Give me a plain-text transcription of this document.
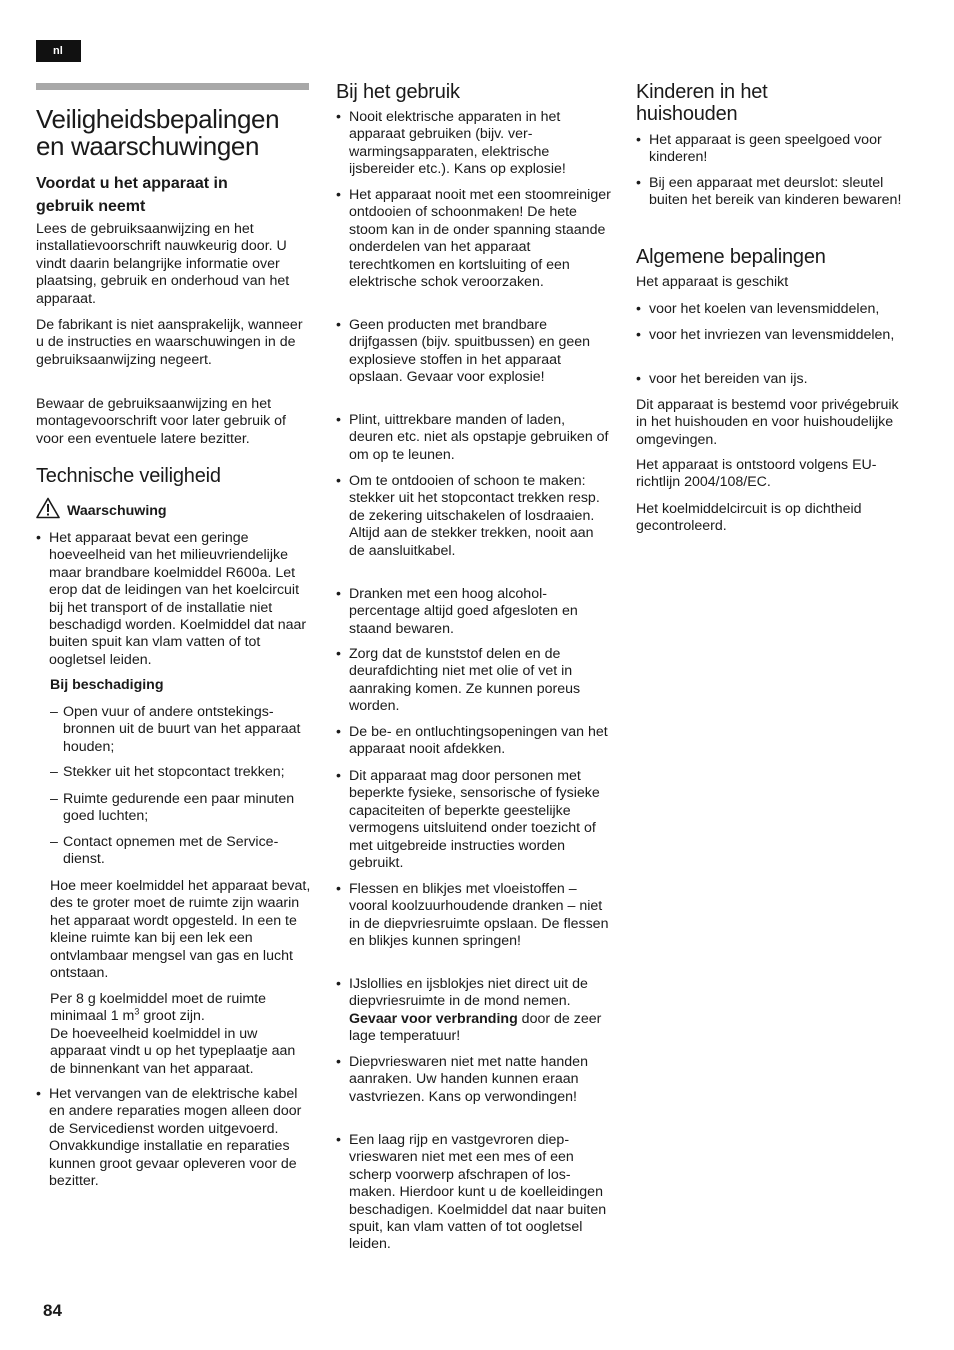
nl
Veiligheidsbepalingen
en waarschuwingen
Voordat u het apparaat in
gebruik neemt

Lees de gebruiksaanwijzing en het installatievoorschrift nauwkeurig door. U vindt daarin belangrijke informatie over plaatsing, gebruik en onderhoud van het apparaat.

De fabrikant is niet aansprakelijk, wanneer u de instructies en waarschuwingen in de gebruiksaanwijzing negeert.

Bewaar de gebruiksaanwijzing en het montagevoorschrift voor later gebruik of voor een eventuele latere bezitter.

Technische veiligheid
Waarschuwing

• Het apparaat bevat een geringe hoeveelheid van het milieuvriendelijke maar brandbare koelmiddel R600a. Let erop dat de leidingen van het koelcircuit bij het transport of de installatie niet beschadigd worden. Koelmiddel dat naar buiten spuit kan vlam vatten of tot oogletsel leiden.

Bij beschadiging

– Open vuur of andere ontstekingsbronnen uit de buurt van het apparaat houden;

– Stekker uit het stopcontact trekken;

– Ruimte gedurende een paar minuten goed luchten;

– Contact opnemen met de Servicedienst.

Hoe meer koelmiddel het apparaat bevat, des te groter moet de ruimte zijn waarin het apparaat wordt opgesteld. In een te kleine ruimte kan bij een lek een ontvlambaar mengsel van gas en lucht ontstaan.

Per 8 g koelmiddel moet de ruimte minimaal 1 $m^3$ groot zijn.
De hoeveelheid koelmiddel in uw apparaat vindt u op het typeplaatje aan de binnenkant van het apparaat.

• Het vervangen van de elektrische kabel en andere reparaties mogen alleen door de Servicedienst worden uitgevoerd. Onvakkundige installatie en reparaties kunnen groot gevaar opleveren voor de bezitter.

Bij het gebruik

• Nooit elektrische apparaten in het apparaat gebruiken (bijv. verwarmingsapparaten, elektrische ijsbereider etc.). Kans op explosie!

• Het apparaat nooit met een stoomreiniger ontdooien of schoonmaken! De hete stoom kan in de onder spanning staande onderdelen van het apparaat terechtkomen en kortsluiting of een elektrische schok veroorzaken.

• Geen producten met brandbare drijfgassen (bijv. spuitbussen) en geen explosieve stoffen in het apparaat opslaan. Gevaar voor explosie!

• Plint, uittrekbare manden of laden, deuren etc. niet als opstapje gebruiken of om op te leunen.

• Om te ontdooien of schoon te maken: stekker uit het stopcontact trekken resp. de zekering uitschakelen of losdraaien.
Altijd aan de stekker trekken, nooit aan de aansluitkabel.

• Dranken met een hoog alcoholpercentage altijd goed afgesloten en staand bewaren.

• Zorg dat de kunststof delen en de deurafdichting niet met olie of vet in aanraking komen. Ze kunnen poreus worden.

• De be- en ontluchtingsopeningen van het apparaat nooit afdekken.

• Dit apparaat mag door personen met beperkte fysieke, sensorische of fysieke capaciteiten of beperkte geestelijke vermogens uitsluitend onder toezicht of met uitgebreide instructies worden gebruikt.

• Flessen en blikjes met vloeistoffen – vooral koolzuurhoudende dranken – niet in de diepvriesruimte opslaan. De flessen en blikjes kunnen springen!

• IJslollies en ijsblokjes niet direct uit de diepvriesruimte in de mond nemen. Gevaar voor verbranding door de zeer lage temperatuur!

• Diepvrieswaren niet met natte handen aanraken. Uw handen kunnen eraan vastvriezen. Kans op verwondingen!

• Een laag rijp en vastgevroren diepvrieswaren niet met een mes of een scherp voorwerp afschrapen of losmaken. Hierdoor kunt u de koelleidingen beschadigen. Koelmiddel dat naar buiten spuit, kan vlam vatten of tot oogletsel leiden.

Kinderen in het
huishouden

• Het apparaat is geen speelgoed voor kinderen!

• Bij een apparaat met deurslot: sleutel buiten het bereik van kinderen bewaren!

Algemene bepalingen

Het apparaat is geschikt

• voor het koelen van levensmiddelen,

• voor het invriezen van levensmiddelen,

• voor het bereiden van ijs.

Dit apparaat is bestemd voor privégebruik in het huishouden en voor huishoudelijke omgevingen.

Het apparaat is ontstoord volgens EU-richtlijn 2004/108/EC.

Het koelmiddelcircuit is op dichtheid gecontroleerd.

84
